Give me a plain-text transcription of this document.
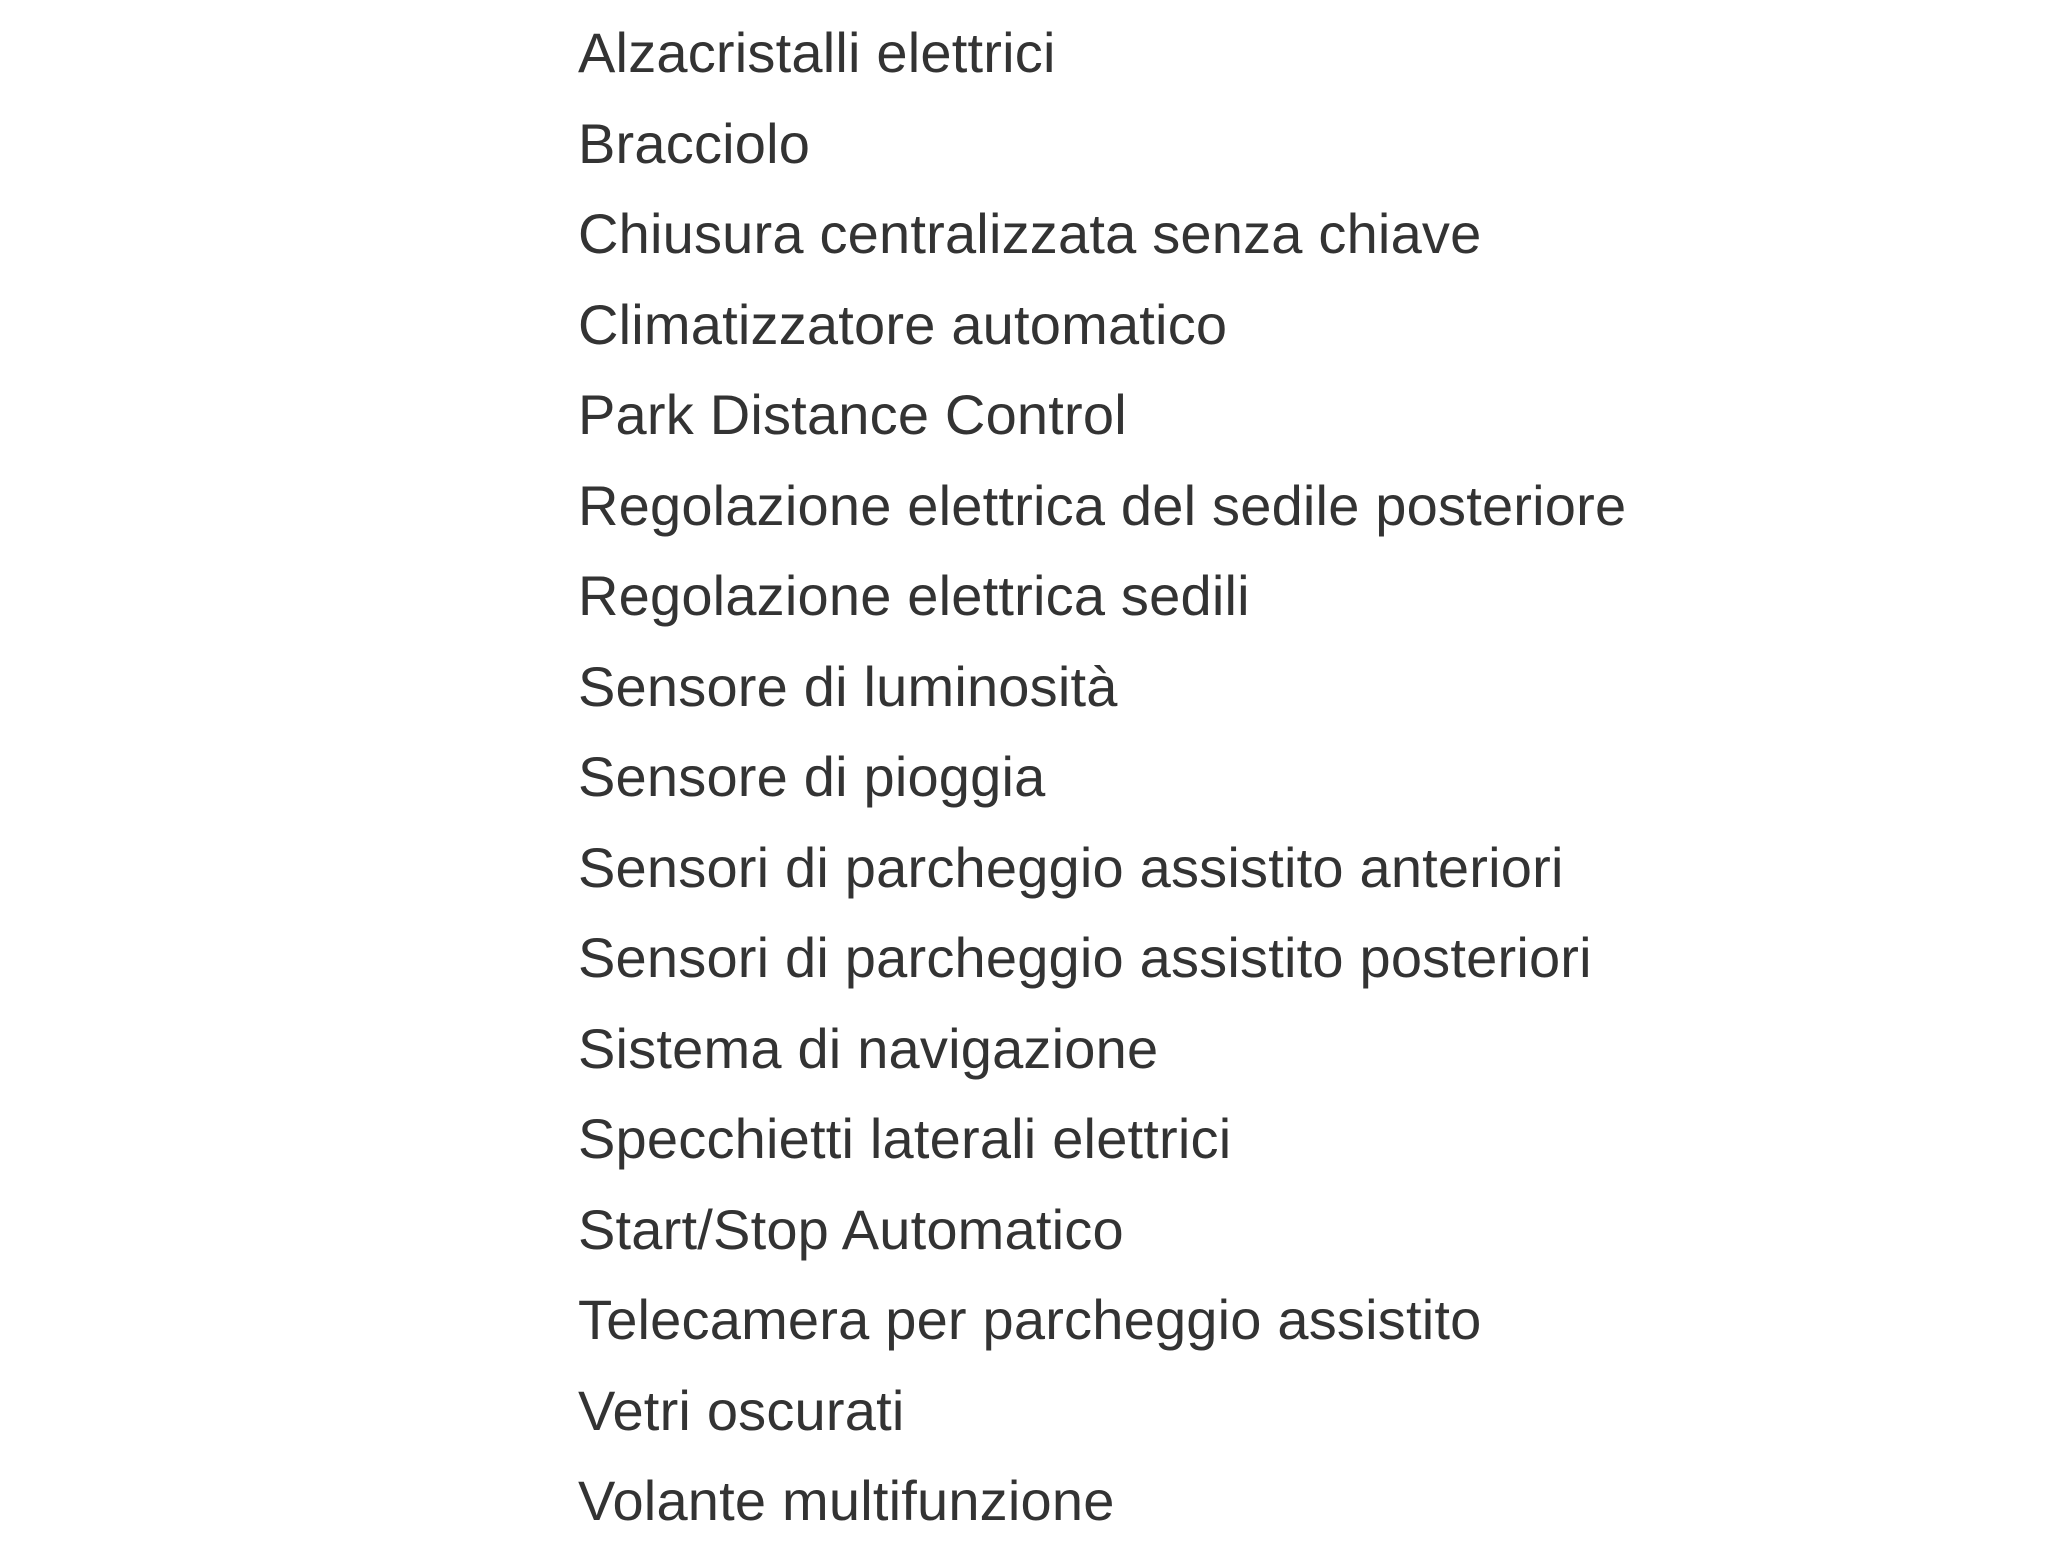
Alzacristalli elettrici
Bracciolo
Chiusura centralizzata senza chiave
Climatizzatore automatico
Park Distance Control
Regolazione elettrica del sedile posteriore
Regolazione elettrica sedili
Sensore di luminosità
Sensore di pioggia
Sensori di parcheggio assistito anteriori
Sensori di parcheggio assistito posteriori
Sistema di navigazione
Specchietti laterali elettrici
Start/Stop Automatico
Telecamera per parcheggio assistito
Vetri oscurati
Volante multifunzione
